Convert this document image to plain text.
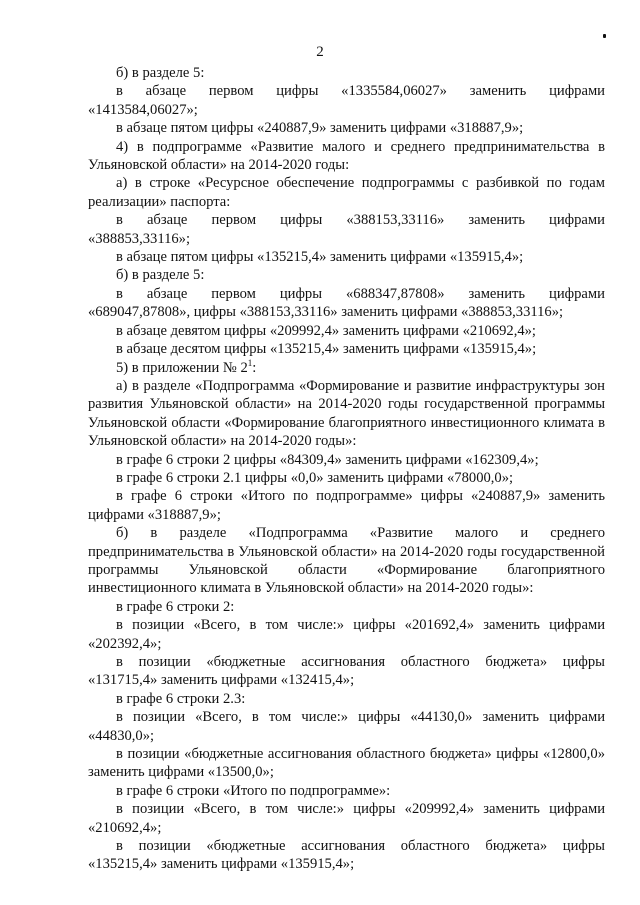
2

б) в разделе 5:

в абзаце первом цифры «1335584,06027» заменить цифрами

«1413584,06027»;

в абзаце пятом цифры «240887,9» заменить цифрами «318887,9»;

4) в подпрограмме «Развитие малого и среднего предпринимательства в Ульяновской области» на 2014-2020 годы:

а) в строке «Ресурсное обеспечение подпрограммы с разбивкой по годам реализации» паспорта:

в абзаце первом цифры «388153,33116» заменить цифрами

«388853,33116»;

в абзаце пятом цифры «135215,4» заменить цифрами «135915,4»;

б) в разделе 5:

в абзаце первом цифры «688347,87808» заменить цифрами

«689047,87808», цифры «388153,33116» заменить цифрами «388853,33116»;

в абзаце девятом цифры «209992,4» заменить цифрами «210692,4»;

в абзаце десятом цифры «135215,4» заменить цифрами «135915,4»;

5) в приложении № $2^1$:

а) в разделе «Подпрограмма «Формирование и развитие инфраструктуры зон развития Ульяновской области» на 2014-2020 годы государственной программы Ульяновской области «Формирование благоприятного инвестиционного климата в Ульяновской области» на 2014-2020 годы»:

в графе 6 строки 2 цифры «84309,4» заменить цифрами «162309,4»;

в графе 6 строки 2.1 цифры «0,0» заменить цифрами «78000,0»;

в графе 6 строки «Итого по подпрограмме» цифры «240887,9» заменить цифрами «318887,9»;

б) в разделе «Подпрограмма «Развитие малого и среднего предпринимательства в Ульяновской области» на 2014-2020 годы государственной программы Ульяновской области «Формирование благоприятного инвестиционного климата в Ульяновской области» на 2014-2020 годы»:

в графе 6 строки 2:

в позиции «Всего, в том числе:» цифры «201692,4» заменить цифрами «202392,4»;

в позиции «бюджетные ассигнования областного бюджета» цифры «131715,4» заменить цифрами «132415,4»;

в графе 6 строки 2.3:

в позиции «Всего, в том числе:» цифры «44130,0» заменить цифрами «44830,0»;

в позиции «бюджетные ассигнования областного бюджета» цифры «12800,0» заменить цифрами «13500,0»;

в графе 6 строки «Итого по подпрограмме»:

в позиции «Всего, в том числе:» цифры «209992,4» заменить цифрами «210692,4»;

в позиции «бюджетные ассигнования областного бюджета» цифры «135215,4» заменить цифрами «135915,4»;
